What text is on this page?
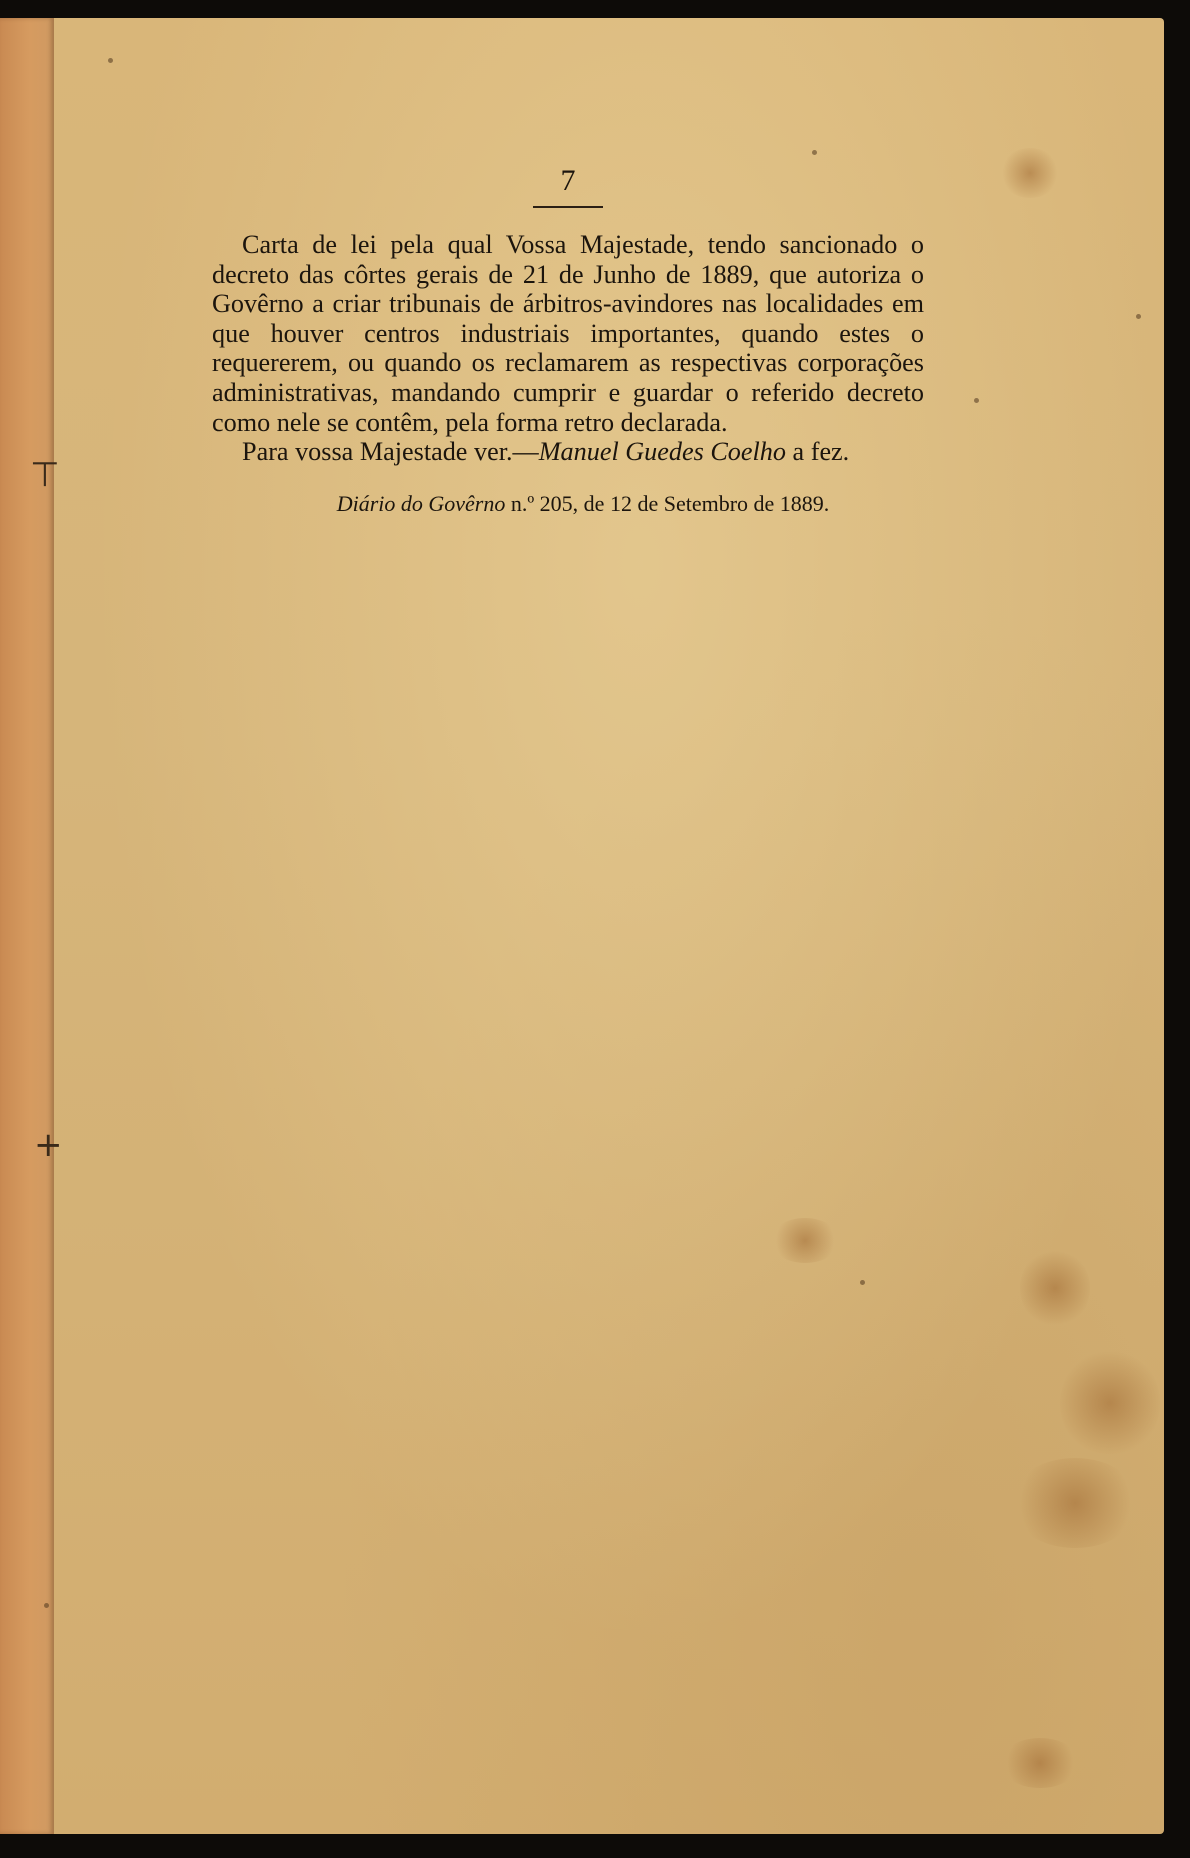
⊤
+
7

Carta de lei pela qual Vossa Majestade, tendo sancionado o decreto das côrtes gerais de 21 de Junho de 1889, que autoriza o Govêrno a criar tribunais de árbitros-avindores nas localidades em que houver centros industriais importantes, quando estes o requererem, ou quando os reclamarem as respectivas corporações administrativas, mandando cumprir e guardar o referido decreto como nele se contêm, pela forma retro declarada.

Para vossa Majestade ver.—Manuel Guedes Coelho a fez.

Diário do Govêrno n.º 205, de 12 de Setembro de 1889.
